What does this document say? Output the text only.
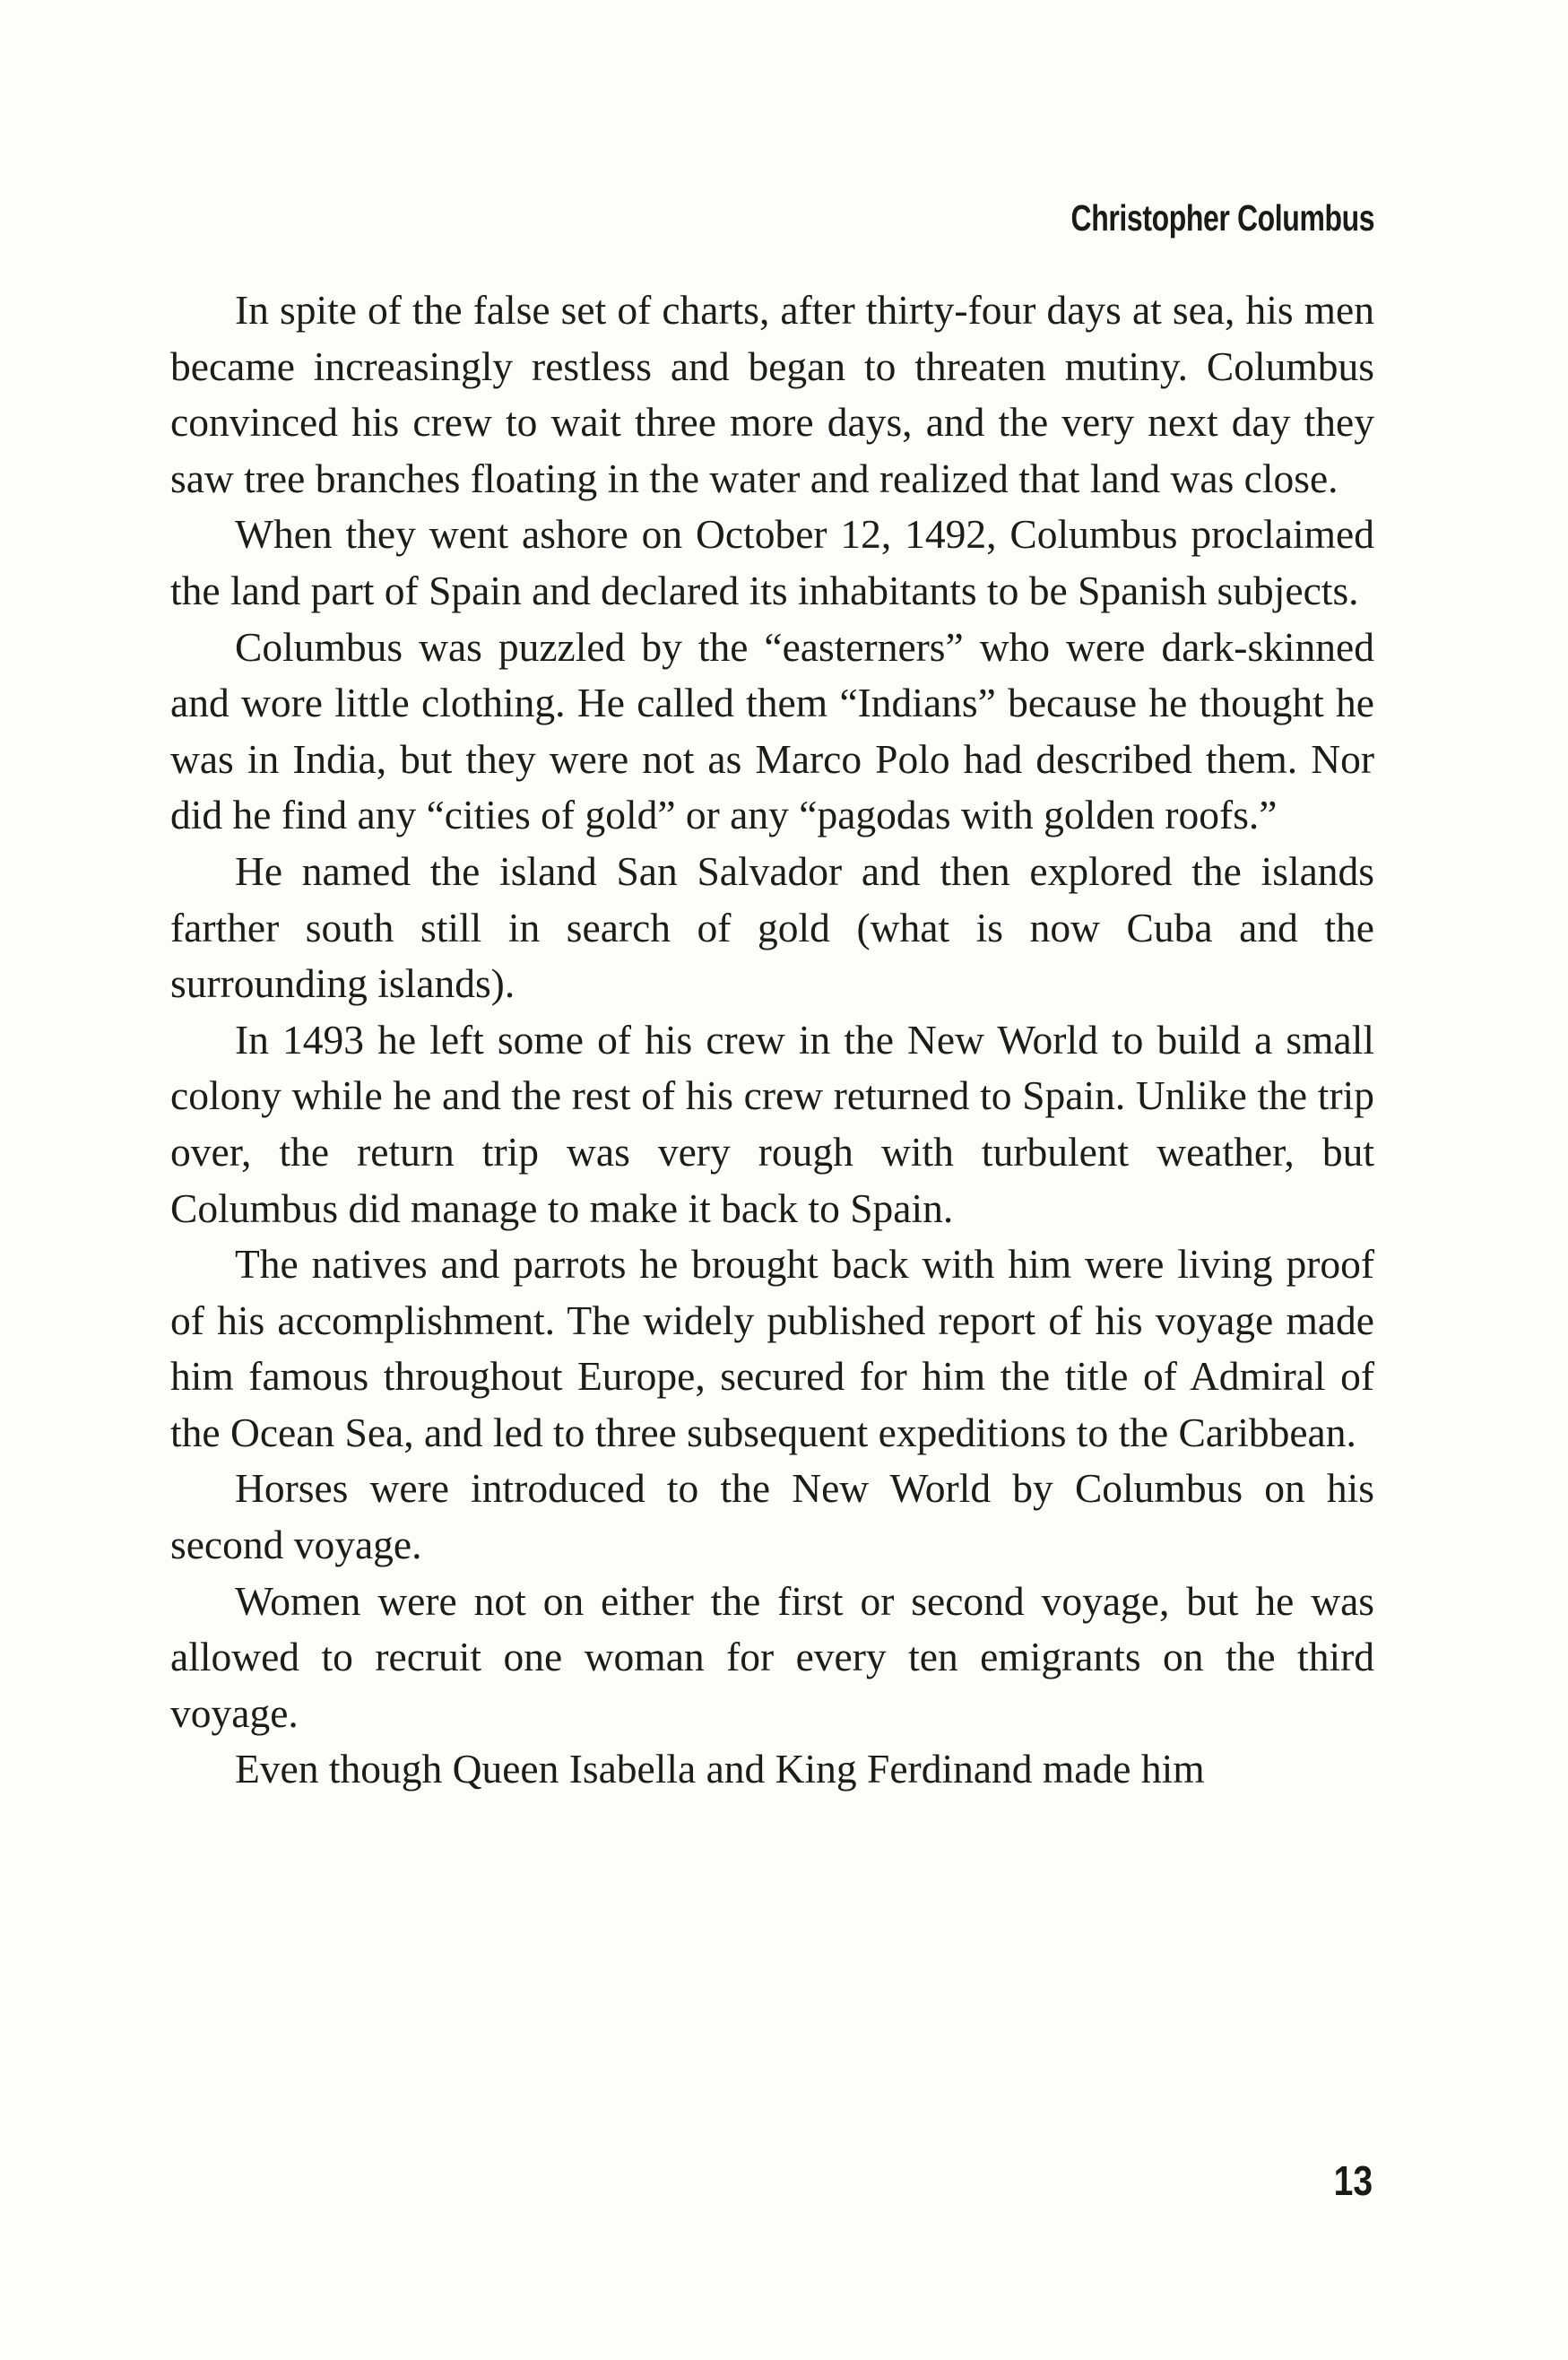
Christopher Columbus

In spite of the false set of charts, after thirty-four days at sea, his men became increasingly restless and began to threaten mutiny. Columbus convinced his crew to wait three more days, and the very next day they saw tree branches floating in the water and realized that land was close.

When they went ashore on October 12, 1492, Columbus proclaimed the land part of Spain and declared its inhabitants to be Spanish subjects.

Columbus was puzzled by the “easterners” who were dark-skinned and wore little clothing. He called them “Indians” because he thought he was in India, but they were not as Marco Polo had described them. Nor did he find any “cities of gold” or any “pagodas with golden roofs.”

He named the island San Salvador and then explored the islands farther south still in search of gold (what is now Cuba and the surrounding islands).

In 1493 he left some of his crew in the New World to build a small colony while he and the rest of his crew returned to Spain. Unlike the trip over, the return trip was very rough with turbulent weather, but Columbus did manage to make it back to Spain.

The natives and parrots he brought back with him were living proof of his accomplishment. The widely published report of his voyage made him famous throughout Europe, secured for him the title of Admiral of the Ocean Sea, and led to three subsequent expeditions to the Caribbean.

Horses were introduced to the New World by Columbus on his second voyage.

Women were not on either the first or second voyage, but he was allowed to recruit one woman for every ten emigrants on the third voyage.

Even though Queen Isabella and King Ferdinand made him

13
